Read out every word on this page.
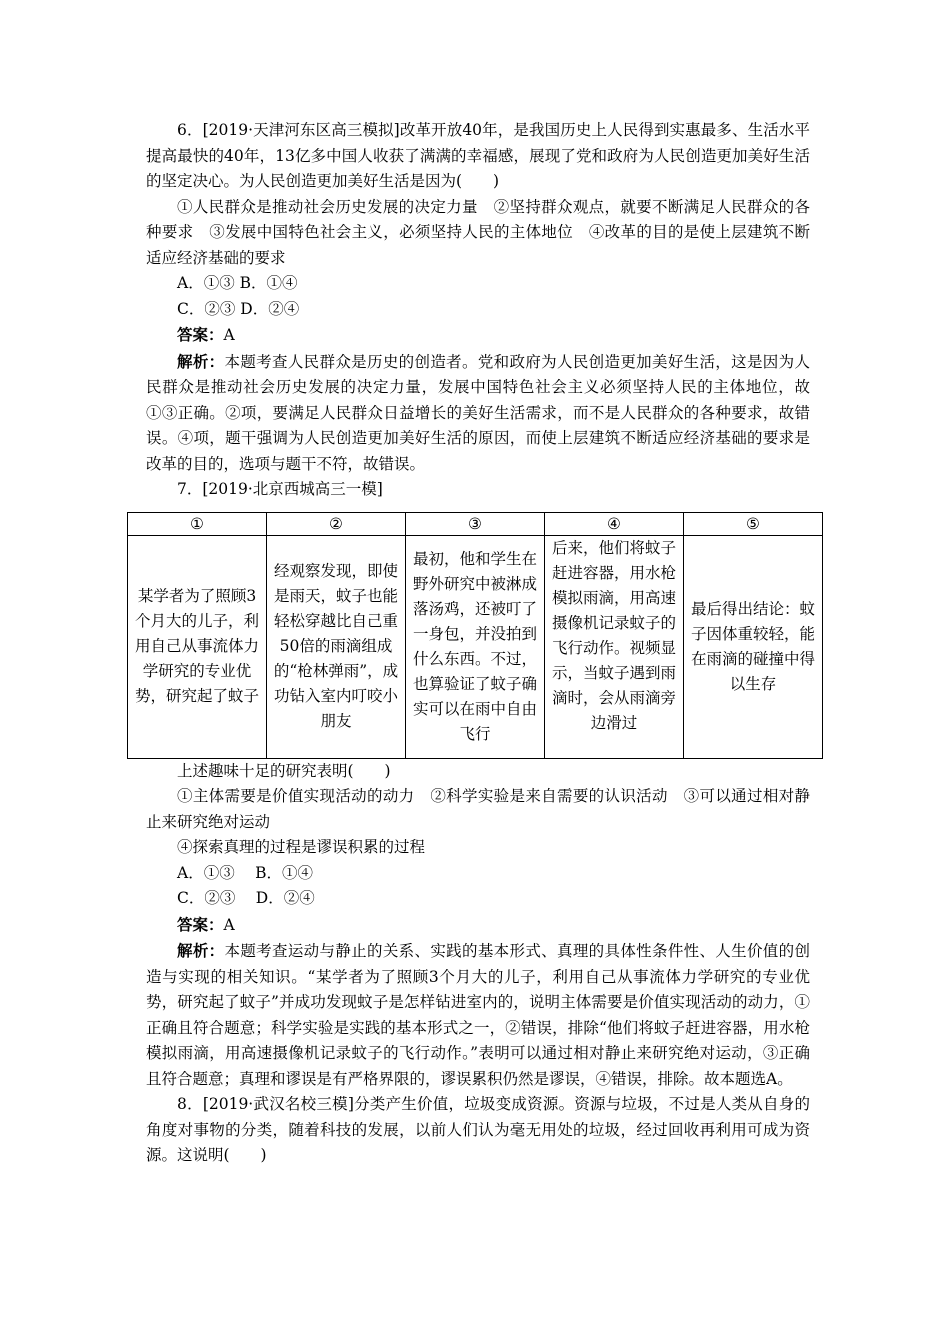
6．[2019·天津河东区高三模拟]改革开放40年，是我国历史上人民得到实惠最多、生活水平提高最快的40年，13亿多中国人收获了满满的幸福感，展现了党和政府为人民创造更加美好生活的坚定决心。为人民创造更加美好生活是因为(　　)

①人民群众是推动社会历史发展的决定力量　②坚持群众观点，就要不断满足人民群众的各种要求　③发展中国特色社会主义，必须坚持人民的主体地位　④改革的目的是使上层建筑不断适应经济基础的要求

A．①③ B．①④

C．②③ D．②④

答案：A

解析：本题考查人民群众是历史的创造者。党和政府为人民创造更加美好生活，这是因为人民群众是推动社会历史发展的决定力量，发展中国特色社会主义必须坚持人民的主体地位，故①③正确。②项，要满足人民群众日益增长的美好生活需求，而不是人民群众的各种要求，故错误。④项，题干强调为人民创造更加美好生活的原因，而使上层建筑不断适应经济基础的要求是改革的目的，选项与题干不符，故错误。

7．[2019·北京西城高三一模]

①	②	③	④	⑤
某学者为了照顾3个月大的儿子，利用自己从事流体力学研究的专业优势，研究起了蚊子	经观察发现，即使是雨天，蚊子也能轻松穿越比自己重50倍的雨滴组成的“枪林弹雨”，成功钻入室内叮咬小朋友	最初，他和学生在野外研究中被淋成落汤鸡，还被叮了一身包，并没拍到什么东西。不过，也算验证了蚊子确实可以在雨中自由飞行	后来，他们将蚊子赶进容器，用水枪模拟雨滴，用高速摄像机记录蚊子的飞行动作。视频显示，当蚊子遇到雨滴时，会从雨滴旁边滑过	最后得出结论：蚊子因体重较轻，能在雨滴的碰撞中得以生存

上述趣味十足的研究表明(　　)

①主体需要是价值实现活动的动力　②科学实验是来自需要的认识活动　③可以通过相对静止来研究绝对运动

④探索真理的过程是谬误积累的过程

A．①③　 B．①④

C．②③　 D．②④

答案：A

解析：本题考查运动与静止的关系、实践的基本形式、真理的具体性条件性、人生价值的创造与实现的相关知识。“某学者为了照顾3个月大的儿子，利用自己从事流体力学研究的专业优势，研究起了蚊子”并成功发现蚊子是怎样钻进室内的，说明主体需要是价值实现活动的动力，①正确且符合题意；科学实验是实践的基本形式之一，②错误，排除“他们将蚊子赶进容器，用水枪模拟雨滴，用高速摄像机记录蚊子的飞行动作。”表明可以通过相对静止来研究绝对运动，③正确且符合题意；真理和谬误是有严格界限的，谬误累积仍然是谬误，④错误，排除。故本题选A。

8．[2019·武汉名校三模]分类产生价值，垃圾变成资源。资源与垃圾，不过是人类从自身的角度对事物的分类，随着科技的发展，以前人们认为毫无用处的垃圾，经过回收再利用可成为资源。这说明(　　)
